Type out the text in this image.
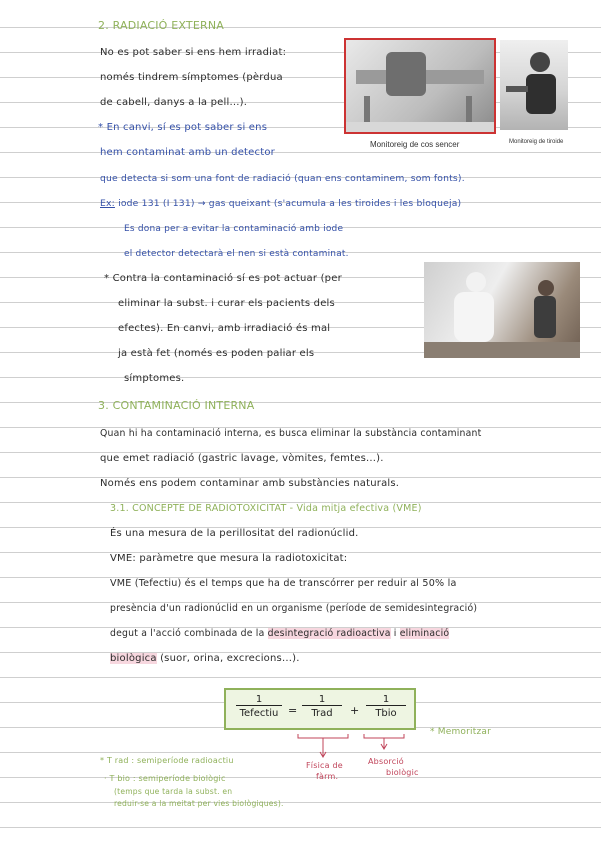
2. RADIACIÓ EXTERNA
No es pot saber si ens hem irradiat:
només tindrem símptomes (pèrdua
de cabell, danys a la pell...).
* En canvi, sí es pot saber si ens
hem contaminat amb un detector
que detecta si som una font de radiació (quan ens contaminem, som fonts).
Ex: iode 131 (I 131) → gas queixant (s'acumula a les tiroides i les bloqueja)
Es dona per a evitar la contaminació amb iode
el detector detectarà el nen si està contaminat.
* Contra la contaminació sí es pot actuar (per
eliminar la subst. i curar els pacients dels
efectes). En canvi, amb irradiació és mal
ja està fet (només es poden paliar els
símptomes.
Monitoreig de cos sencer	Monitoreig de tiroide
3. CONTAMINACIÓ INTERNA
Quan hi ha contaminació interna, es busca eliminar la substància contaminant
que emet radiació (gastric lavage, vòmites, femtes...).
Només ens podem contaminar amb substàncies naturals.
3.1. CONCEPTE DE RADIOTOXICITAT - Vida mitja efectiva (VME)
És una mesura de la perillositat del radionúclid.
VME: paràmetre que mesura la radiotoxicitat:
VME (Tefectiu) és el temps que ha de transcórrer per reduir al 50% la
presència d'un radionúclid en un organisme (període de semidesintegració)
degut a l'acció combinada de la desintegració radioactiva i eliminació
biològica (suor, orina, excrecions...).
1
Tefectiu =
1
Trad	+
1
Tbio
* Memoritzar
Física de
fàrm.
Absorció
biològic
* T rad : semiperíode radioactiu
· T bio : semiperíode biològic
(temps que tarda la subst. en
reduir-se a la meitat per vies biològiques).
